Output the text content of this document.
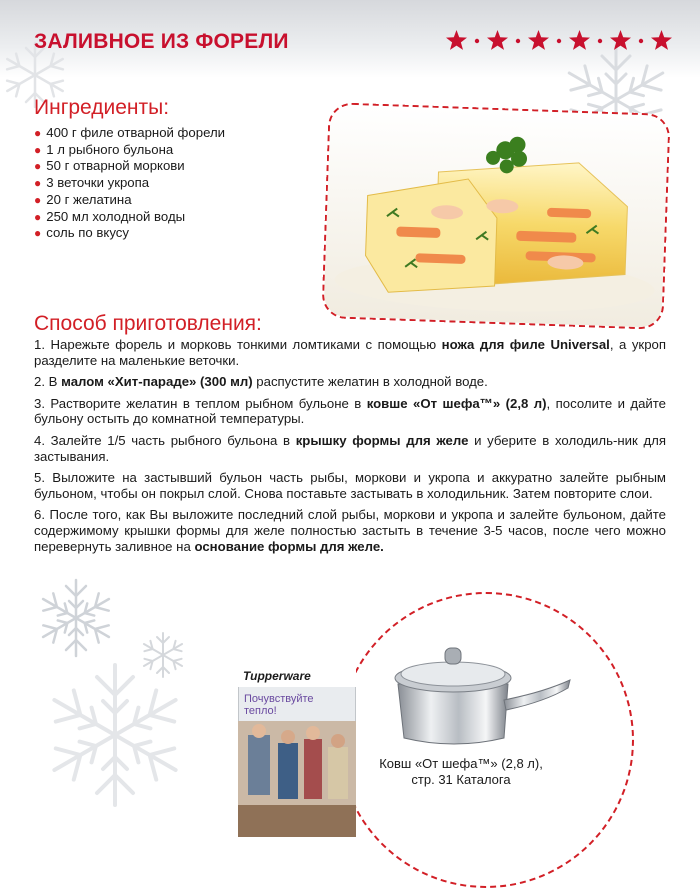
ЗАЛИВНОЕ ИЗ ФОРЕЛИ
Ингредиенты:
● 400 г филе отварной форели
● 1 л рыбного бульона
● 50 г отварной моркови
● 3 веточки укропа
● 20 г желатина
● 250 мл холодной воды
● соль по вкусу
Способ приготовления:

1. Нарежьте форель и морковь тонкими ломтиками с помощью ножа для филе Universal, а укроп разделите на маленькие веточки.

2. В малом «Хит-параде» (300 мл) распустите желатин в холодной воде.

3. Растворите желатин в теплом рыбном бульоне в ковше «От шефа™» (2,8 л), посолите и дайте бульону остыть до комнатной температуры.

4. Залейте 1/5 часть рыбного бульона в крышку формы для желе и уберите в холодиль-ник для застывания.

5. Выложите на застывший бульон часть рыбы, моркови и укропа и аккуратно залейте рыбным бульоном, чтобы он покрыл слой. Снова поставьте застывать в холодильник. Затем повторите слои.

6. После того, как Вы выложите последний слой рыбы, моркови и укропа и залейте бульоном, дайте содержимому крышки формы для желе полностью застыть в течение 3-5 часов, после чего можно перевернуть заливное на основание формы для желе.

Ковш «От шефа™» (2,8 л),
стр. 31 Каталога
Tupperware
Почувствуйте тепло!
